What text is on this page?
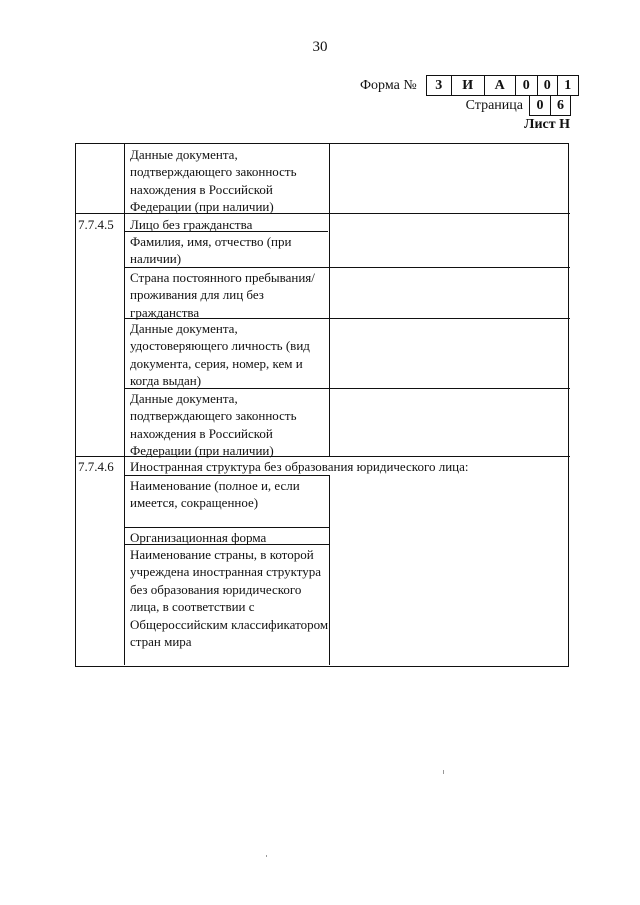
30
Форма №	3	И	А	0	0 1
Страница 0 6
Лист Н
Данные документа, подтверждающего законность нахождения в Российской Федерации (при наличии)
7.7.4.5 Лицо без гражданства
Фамилия, имя, отчество (при наличии)
Страна постоянного пребывания/проживания для лиц без гражданства
Данные документа, удостоверяющего личность (вид документа, серия, номер, кем и когда выдан)
Данные документа, подтверждающего законность нахождения в Российской Федерации (при наличии)
7.7.4.6 Иностранная структура без образования юридического лица:
Наименование (полное и, если имеется, сокращенное)
Организационная форма
Наименование страны, в которой учреждена иностранная структура без образования юридического лица, в соответствии с Общероссийским классификатором стран мира
